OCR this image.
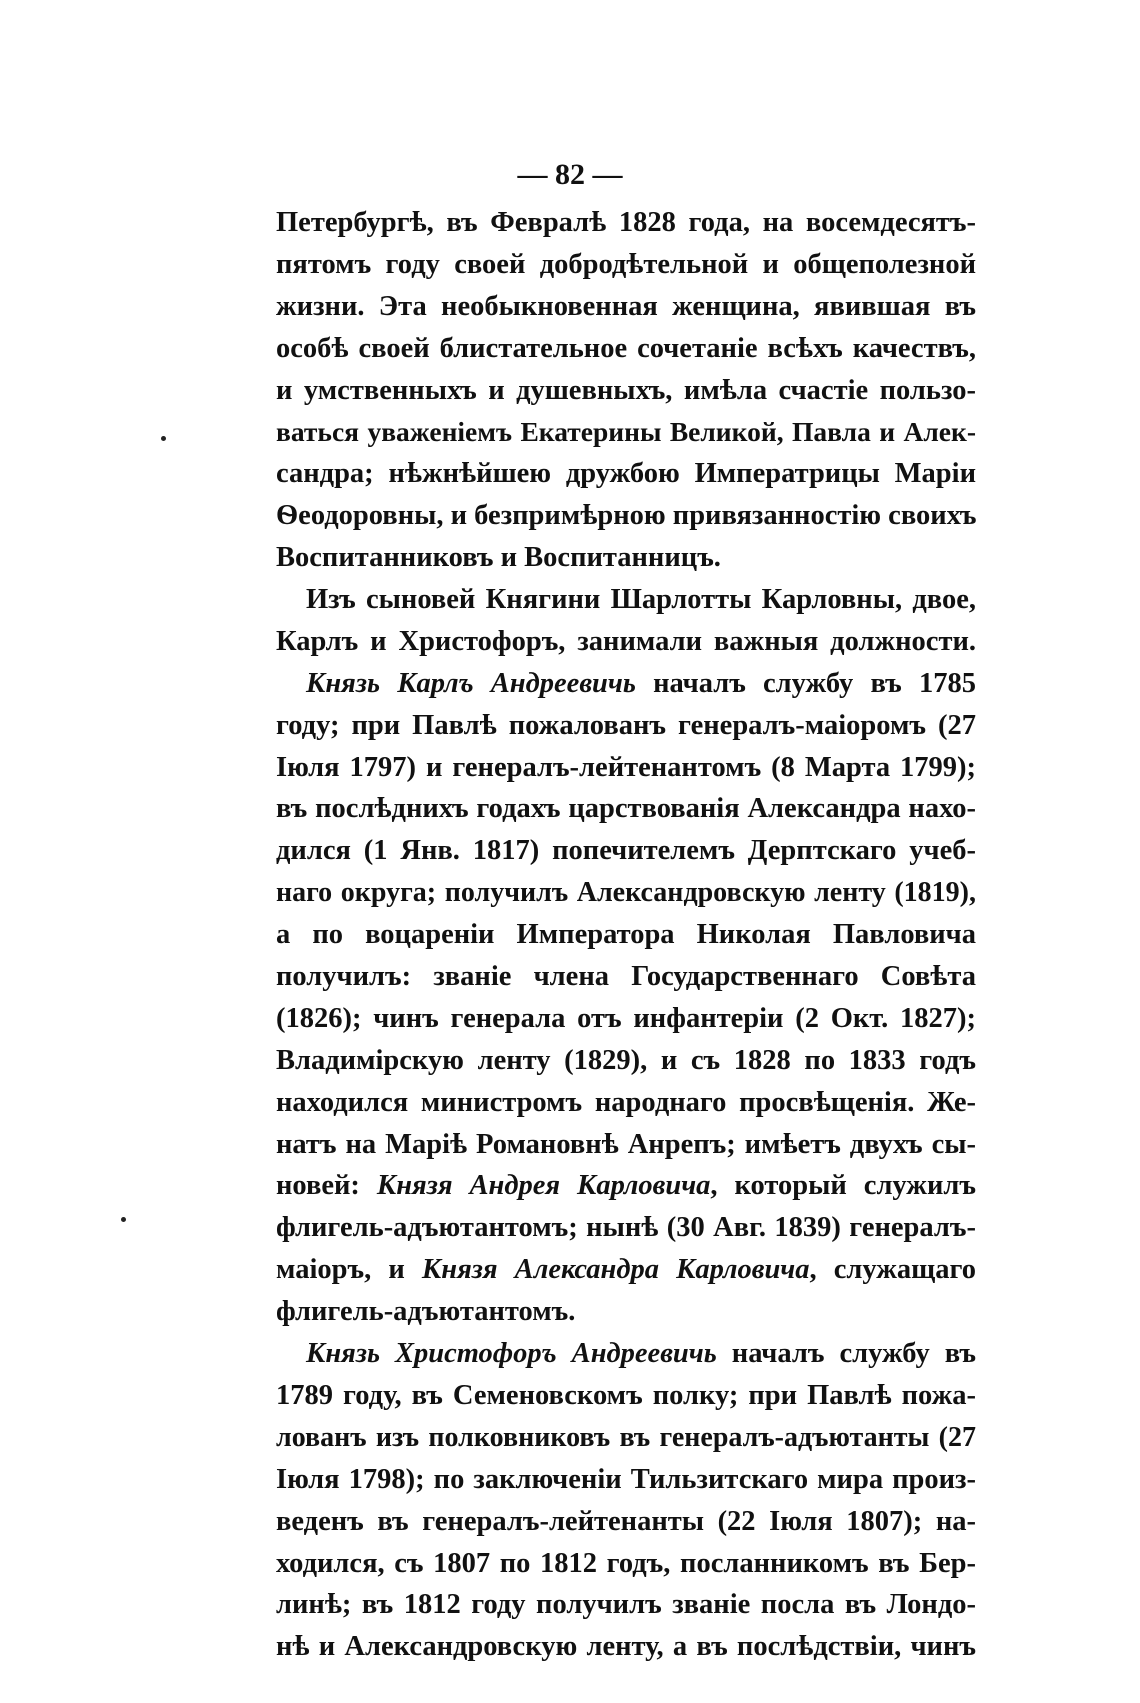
— 82 —
Петербургѣ, въ Февралѣ 1828 года, на восемдесятъ-
пятомъ году своей добродѣтельной и общеполезной
жизни. Эта необыкновенная женщина, явившая въ
особѣ своей блистательное сочетаніе всѣхъ качествъ,
и умственныхъ и душевныхъ, имѣла счастіе пользо-
ваться уваженіемъ Екатерины Великой, Павла и Алек-
сандра; нѣжнѣйшею дружбою Императрицы Маріи
Ѳеодоровны, и безпримѣрною привязанностію своихъ
Воспитанниковъ и Воспитанницъ.
Изъ сыновей Княгини Шарлотты Карловны, двое,
Карлъ и Христофоръ, занимали важныя должности.
Князь Карлъ Андреевичь началъ службу въ 1785
году; при Павлѣ пожалованъ генералъ-маіоромъ (27
Іюля 1797) и генералъ-лейтенантомъ (8 Марта 1799);
въ послѣднихъ годахъ царствованія Александра нахо-
дился (1 Янв. 1817) попечителемъ Дерптскаго учеб-
наго округа; получилъ Александровскую ленту (1819),
а по воцареніи Императора Николая Павловича
получилъ: званіе члена Государственнаго Совѣта
(1826); чинъ генерала отъ инфантеріи (2 Окт. 1827);
Владимірскую ленту (1829), и съ 1828 по 1833 годъ
находился министромъ народнаго просвѣщенія. Же-
натъ на Маріѣ Романовнѣ Анрепъ; имѣетъ двухъ сы-
новей: Князя Андрея Карловича, который служилъ
флигель-адъютантомъ; нынѣ (30 Авг. 1839) генералъ-
маіоръ, и Князя Александра Карловича, служащаго
флигель-адъютантомъ.
Князь Христофоръ Андреевичь началъ службу въ
1789 году, въ Семеновскомъ полку; при Павлѣ пожа-
лованъ изъ полковниковъ въ генералъ-адъютанты (27
Іюля 1798); по заключеніи Тильзитскаго мира произ-
веденъ въ генералъ-лейтенанты (22 Іюля 1807); на-
ходился, съ 1807 по 1812 годъ, посланникомъ въ Бер-
линѣ; въ 1812 году получилъ званіе посла въ Лондо-
нѣ и Александровскую ленту, а въ послѣдствіи, чинъ
